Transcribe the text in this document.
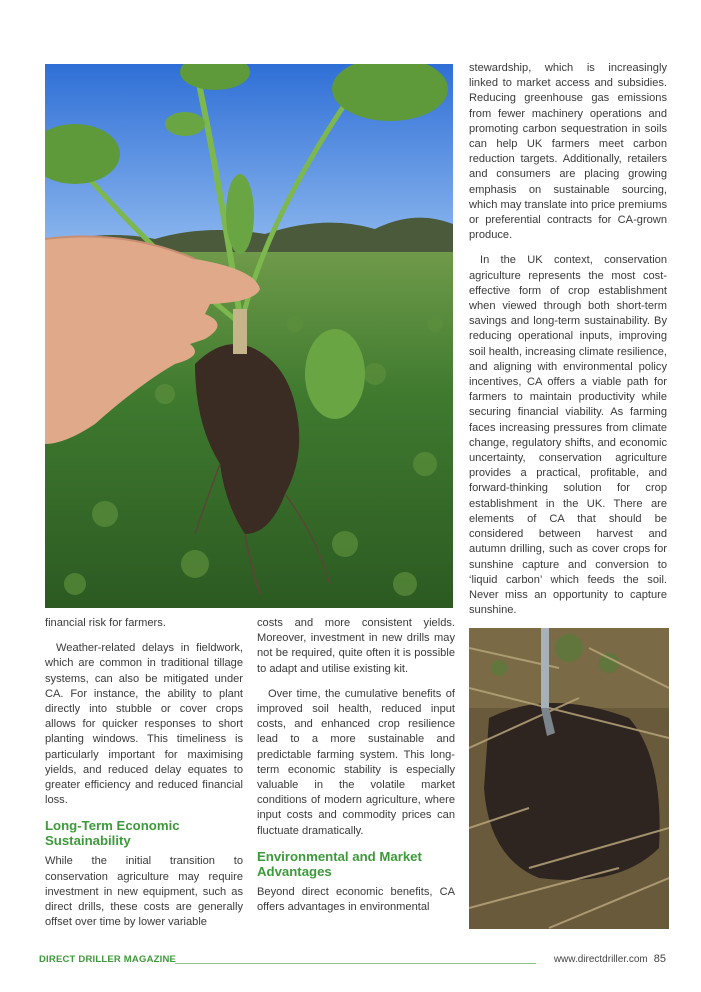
financial risk for farmers.

Weather-related delays in fieldwork, which are common in traditional tillage systems, can also be mitigated under CA. For instance, the ability to plant directly into stubble or cover crops allows for quicker responses to short planting windows. This timeliness is particularly important for maximising yields, and reduced delay equates to greater efficiency and reduced financial loss.

Long-Term Economic Sustainability

While the initial transition to conservation agriculture may require investment in new equipment, such as direct drills, these costs are generally offset over time by lower variable

costs and more consistent yields. Moreover, investment in new drills may not be required, quite often it is possible to adapt and utilise existing kit.

Over time, the cumulative benefits of improved soil health, reduced input costs, and enhanced crop resilience lead to a more sustainable and predictable farming system. This long-term economic stability is especially valuable in the volatile market conditions of modern agriculture, where input costs and commodity prices can fluctuate dramatically.

Environmental and Market Advantages

Beyond direct economic benefits, CA offers advantages in environmental

stewardship, which is increasingly linked to market access and subsidies. Reducing greenhouse gas emissions from fewer machinery operations and promoting carbon sequestration in soils can help UK farmers meet carbon reduction targets. Additionally, retailers and consumers are placing growing emphasis on sustainable sourcing, which may translate into price premiums or preferential contracts for CA-grown produce.

In the UK context, conservation agriculture represents the most cost-effective form of crop establishment when viewed through both short-term savings and long-term sustainability. By reducing operational inputs, improving soil health, increasing climate resilience, and aligning with environmental policy incentives, CA offers a viable path for farmers to maintain productivity while securing financial viability. As farming faces increasing pressures from climate change, regulatory shifts, and economic uncertainty, conservation agriculture provides a practical, profitable, and forward-thinking solution for crop establishment in the UK. There are elements of CA that should be considered between harvest and autumn drilling, such as cover crops for sunshine capture and conversion to ‘liquid carbon’ which feeds the soil. Never miss an opportunity to capture sunshine.

DIRECT DRILLER MAGAZINE	www.directdriller.com 85
